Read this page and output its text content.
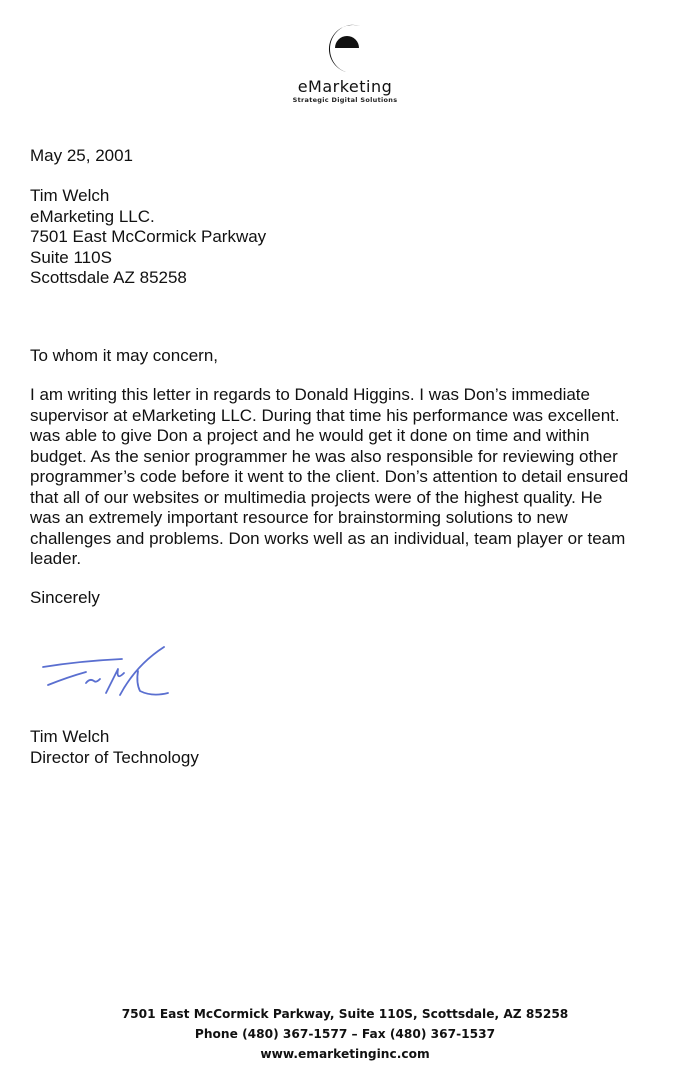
eMarketing
Strategic Digital Solutions
May 25, 2001
Tim Welch
eMarketing LLC.
7501 East McCormick Parkway
Suite 110S
Scottsdale AZ 85258
To whom it may concern,
I am writing this letter in regards to Donald Higgins. I was Don’s immediate
supervisor at eMarketing LLC. During that time his performance was excellent.
was able to give Don a project and he would get it done on time and within
budget. As the senior programmer he was also responsible for reviewing other
programmer’s code before it went to the client. Don’s attention to detail ensured
that all of our websites or multimedia projects were of the highest quality. He
was an extremely important resource for brainstorming solutions to new
challenges and problems. Don works well as an individual, team player or team
leader.
Sincerely
Tim Welch
Director of Technology
7501 East McCormick Parkway, Suite 110S, Scottsdale, AZ 85258
Phone (480) 367-1577 – Fax (480) 367-1537
www.emarketinginc.com
